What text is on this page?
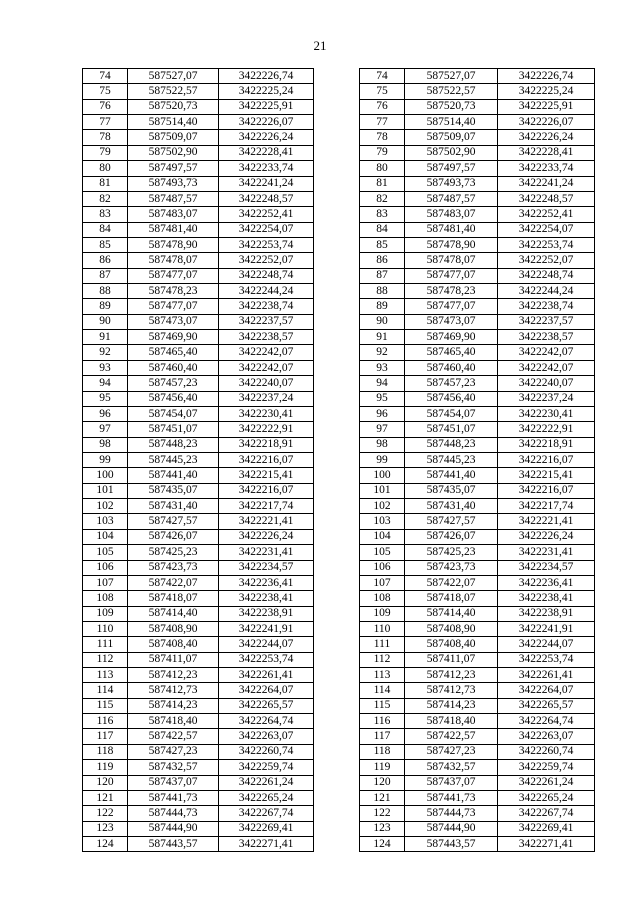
21
74	587527,07	3422226,74		74	587527,07	3422226,74
75	587522,57	3422225,24		75	587522,57	3422225,24
76	587520,73	3422225,91		76	587520,73	3422225,91
77	587514,40	3422226,07		77	587514,40	3422226,07
78	587509,07	3422226,24		78	587509,07	3422226,24
79	587502,90	3422228,41		79	587502,90	3422228,41
80	587497,57	3422233,74		80	587497,57	3422233,74
81	587493,73	3422241,24		81	587493,73	3422241,24
82	587487,57	3422248,57		82	587487,57	3422248,57
83	587483,07	3422252,41		83	587483,07	3422252,41
84	587481,40	3422254,07		84	587481,40	3422254,07
85	587478,90	3422253,74		85	587478,90	3422253,74
86	587478,07	3422252,07		86	587478,07	3422252,07
87	587477,07	3422248,74		87	587477,07	3422248,74
88	587478,23	3422244,24		88	587478,23	3422244,24
89	587477,07	3422238,74		89	587477,07	3422238,74
90	587473,07	3422237,57		90	587473,07	3422237,57
91	587469,90	3422238,57		91	587469,90	3422238,57
92	587465,40	3422242,07		92	587465,40	3422242,07
93	587460,40	3422242,07		93	587460,40	3422242,07
94	587457,23	3422240,07		94	587457,23	3422240,07
95	587456,40	3422237,24		95	587456,40	3422237,24
96	587454,07	3422230,41		96	587454,07	3422230,41
97	587451,07	3422222,91		97	587451,07	3422222,91
98	587448,23	3422218,91		98	587448,23	3422218,91
99	587445,23	3422216,07		99	587445,23	3422216,07
100	587441,40	3422215,41		100	587441,40	3422215,41
101	587435,07	3422216,07		101	587435,07	3422216,07
102	587431,40	3422217,74		102	587431,40	3422217,74
103	587427,57	3422221,41		103	587427,57	3422221,41
104	587426,07	3422226,24		104	587426,07	3422226,24
105	587425,23	3422231,41		105	587425,23	3422231,41
106	587423,73	3422234,57		106	587423,73	3422234,57
107	587422,07	3422236,41		107	587422,07	3422236,41
108	587418,07	3422238,41		108	587418,07	3422238,41
109	587414,40	3422238,91		109	587414,40	3422238,91
110	587408,90	3422241,91		110	587408,90	3422241,91
111	587408,40	3422244,07		111	587408,40	3422244,07
112	587411,07	3422253,74		112	587411,07	3422253,74
113	587412,23	3422261,41		113	587412,23	3422261,41
114	587412,73	3422264,07		114	587412,73	3422264,07
115	587414,23	3422265,57		115	587414,23	3422265,57
116	587418,40	3422264,74		116	587418,40	3422264,74
117	587422,57	3422263,07		117	587422,57	3422263,07
118	587427,23	3422260,74		118	587427,23	3422260,74
119	587432,57	3422259,74		119	587432,57	3422259,74
120	587437,07	3422261,24		120	587437,07	3422261,24
121	587441,73	3422265,24		121	587441,73	3422265,24
122	587444,73	3422267,74		122	587444,73	3422267,74
123	587444,90	3422269,41		123	587444,90	3422269,41
124	587443,57	3422271,41		124	587443,57	3422271,41
